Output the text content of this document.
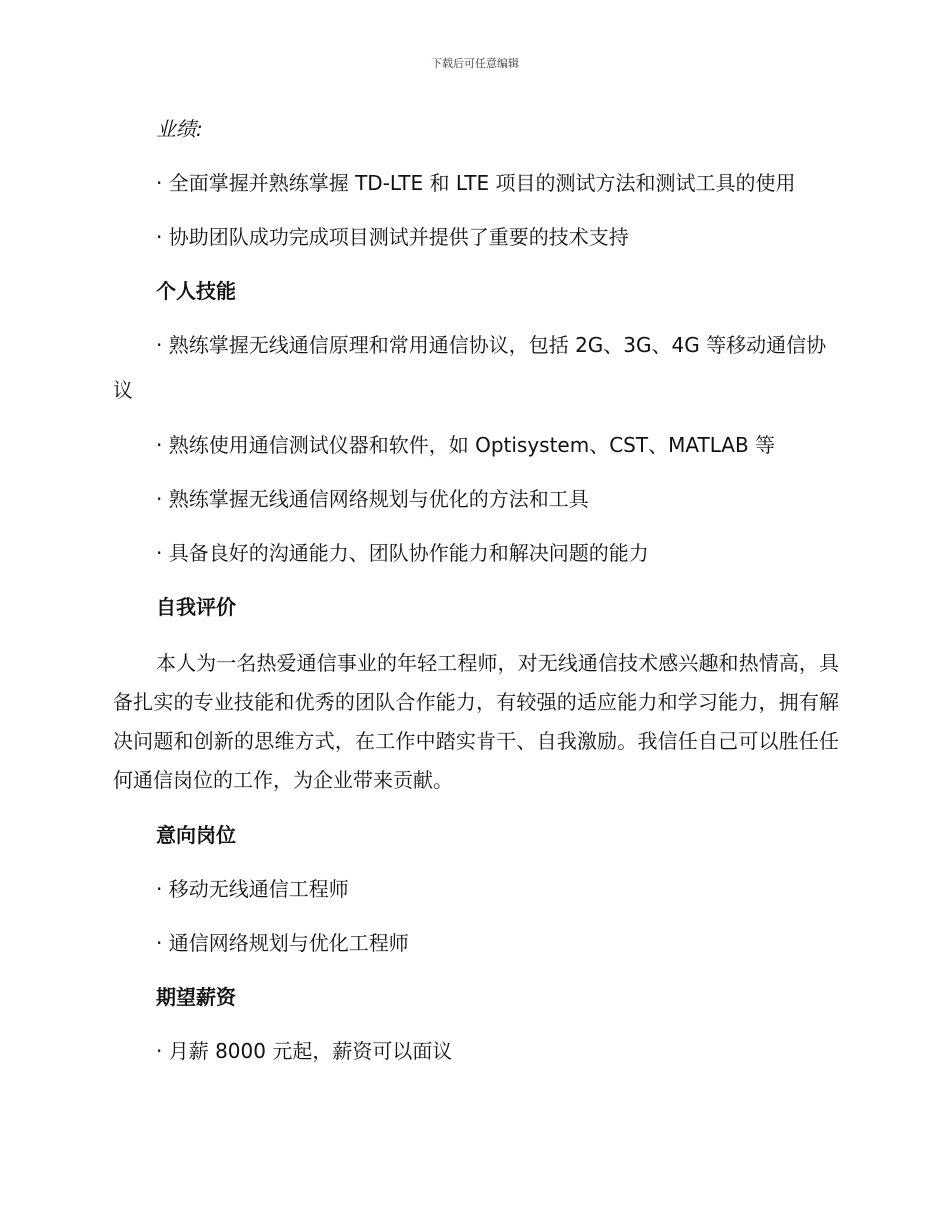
下载后可任意编辑
业绩:
· 全面掌握并熟练掌握 TD-LTE 和 LTE 项目的测试方法和测试工具的使用
· 协助团队成功完成项目测试并提供了重要的技术支持
个人技能
· 熟练掌握无线通信原理和常用通信协议，包括 2G、3G、4G 等移动通信协议
· 熟练使用通信测试仪器和软件，如 Optisystem、CST、MATLAB 等
· 熟练掌握无线通信网络规划与优化的方法和工具
· 具备良好的沟通能力、团队协作能力和解决问题的能力
自我评价
本人为一名热爱通信事业的年轻工程师，对无线通信技术感兴趣和热情高，具备扎实的专业技能和优秀的团队合作能力，有较强的适应能力和学习能力，拥有解决问题和创新的思维方式，在工作中踏实肯干、自我激励。我信任自己可以胜任任何通信岗位的工作，为企业带来贡献。
意向岗位
· 移动无线通信工程师
· 通信网络规划与优化工程师
期望薪资
· 月薪 8000 元起，薪资可以面议
